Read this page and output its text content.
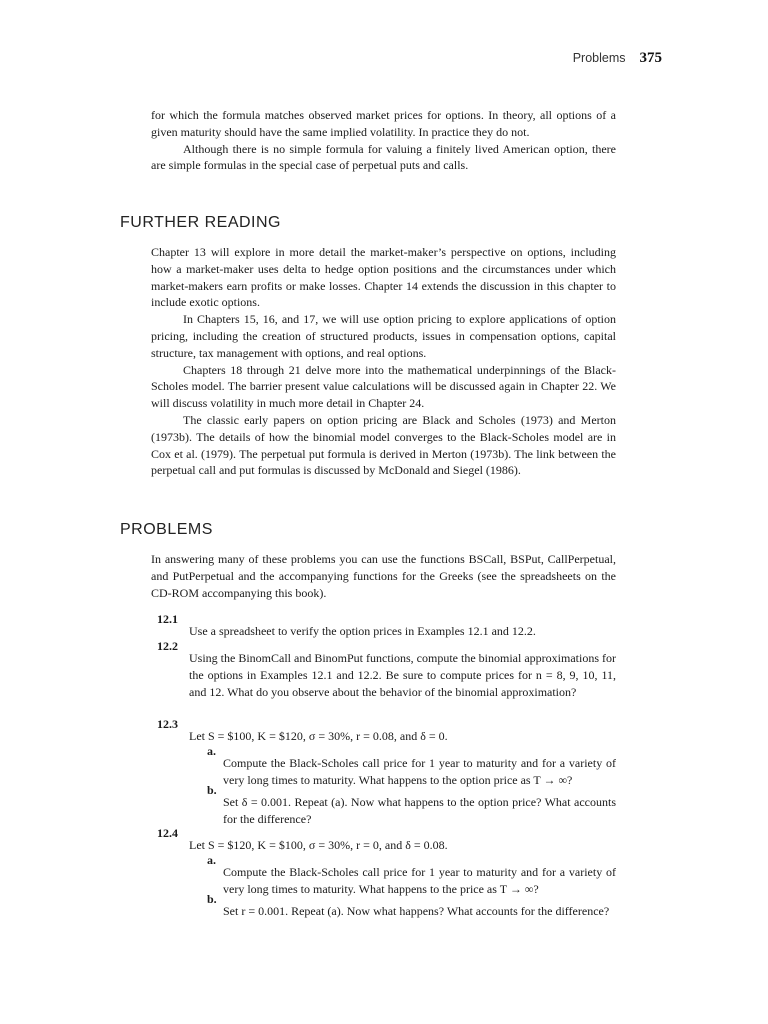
Problems 375

for which the formula matches observed market prices for options. In theory, all options of a given maturity should have the same implied volatility. In practice they do not.

Although there is no simple formula for valuing a finitely lived American option, there are simple formulas in the special case of perpetual puts and calls.

FURTHER READING

Chapter 13 will explore in more detail the market-maker’s perspective on options, including how a market-maker uses delta to hedge option positions and the circumstances under which market-makers earn profits or make losses. Chapter 14 extends the discussion in this chapter to include exotic options.

In Chapters 15, 16, and 17, we will use option pricing to explore applications of option pricing, including the creation of structured products, issues in compensation options, capital structure, tax management with options, and real options.

Chapters 18 through 21 delve more into the mathematical underpinnings of the Black-Scholes model. The barrier present value calculations will be discussed again in Chapter 22. We will discuss volatility in much more detail in Chapter 24.

The classic early papers on option pricing are Black and Scholes (1973) and Merton (1973b). The details of how the binomial model converges to the Black-Scholes model are in Cox et al. (1979). The perpetual put formula is derived in Merton (1973b). The link between the perpetual call and put formulas is discussed by McDonald and Siegel (1986).

PROBLEMS

In answering many of these problems you can use the functions BSCall, BSPut, CallPerpetual, and PutPerpetual and the accompanying functions for the Greeks (see the spreadsheets on the CD-ROM accompanying this book).

12.1

Use a spreadsheet to verify the option prices in Examples 12.1 and 12.2.

12.2

Using the BinomCall and BinomPut functions, compute the binomial approximations for the options in Examples 12.1 and 12.2. Be sure to compute prices for n = 8, 9, 10, 11, and 12. What do you observe about the behavior of the binomial approximation?

12.3

Let S = $100, K = $120, σ = 30%, r = 0.08, and δ = 0.

a.

Compute the Black-Scholes call price for 1 year to maturity and for a variety of very long times to maturity. What happens to the option price as T → ∞?

b.

Set δ = 0.001. Repeat (a). Now what happens to the option price? What accounts for the difference?

12.4

Let S = $120, K = $100, σ = 30%, r = 0, and δ = 0.08.

a.

Compute the Black-Scholes call price for 1 year to maturity and for a variety of very long times to maturity. What happens to the price as T → ∞?

b.

Set r = 0.001. Repeat (a). Now what happens? What accounts for the difference?
